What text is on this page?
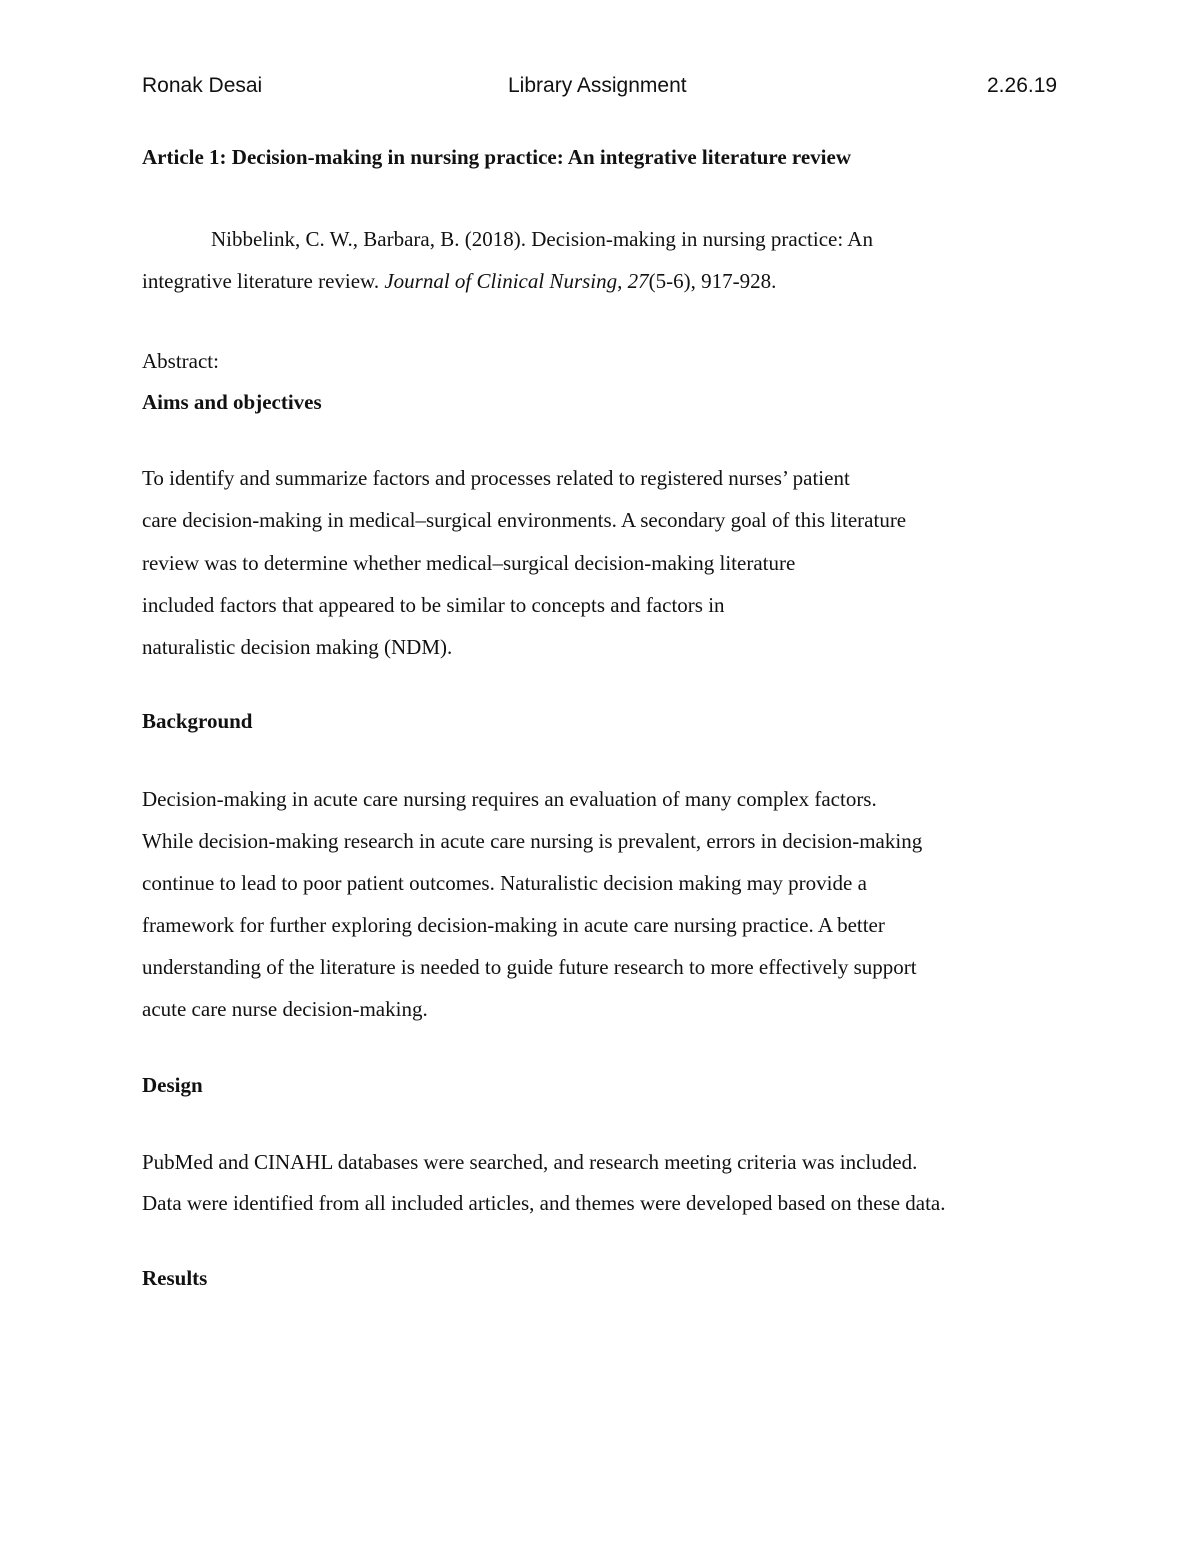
Ronak Desai	Library Assignment	2.26.19
Article 1: Decision-making in nursing practice: An integrative literature review
Nibbelink, C. W., Barbara, B. (2018). Decision-making in nursing practice: An
integrative literature review. Journal of Clinical Nursing, 27(5-6), 917-928.
Abstract:
Aims and objectives
To identify and summarize factors and processes related to registered nurses’ patient
care decision-making in medical–surgical environments. A secondary goal of this literature
review was to determine whether medical–surgical decision-making literature
included factors that appeared to be similar to concepts and factors in
naturalistic decision making (NDM).
Background
Decision-making in acute care nursing requires an evaluation of many complex factors.
While decision-making research in acute care nursing is prevalent, errors in decision-making
continue to lead to poor patient outcomes. Naturalistic decision making may provide a
framework for further exploring decision-making in acute care nursing practice. A better
understanding of the literature is needed to guide future research to more effectively support
acute care nurse decision-making.
Design
PubMed and CINAHL databases were searched, and research meeting criteria was included.
Data were identified from all included articles, and themes were developed based on these data.
Results
